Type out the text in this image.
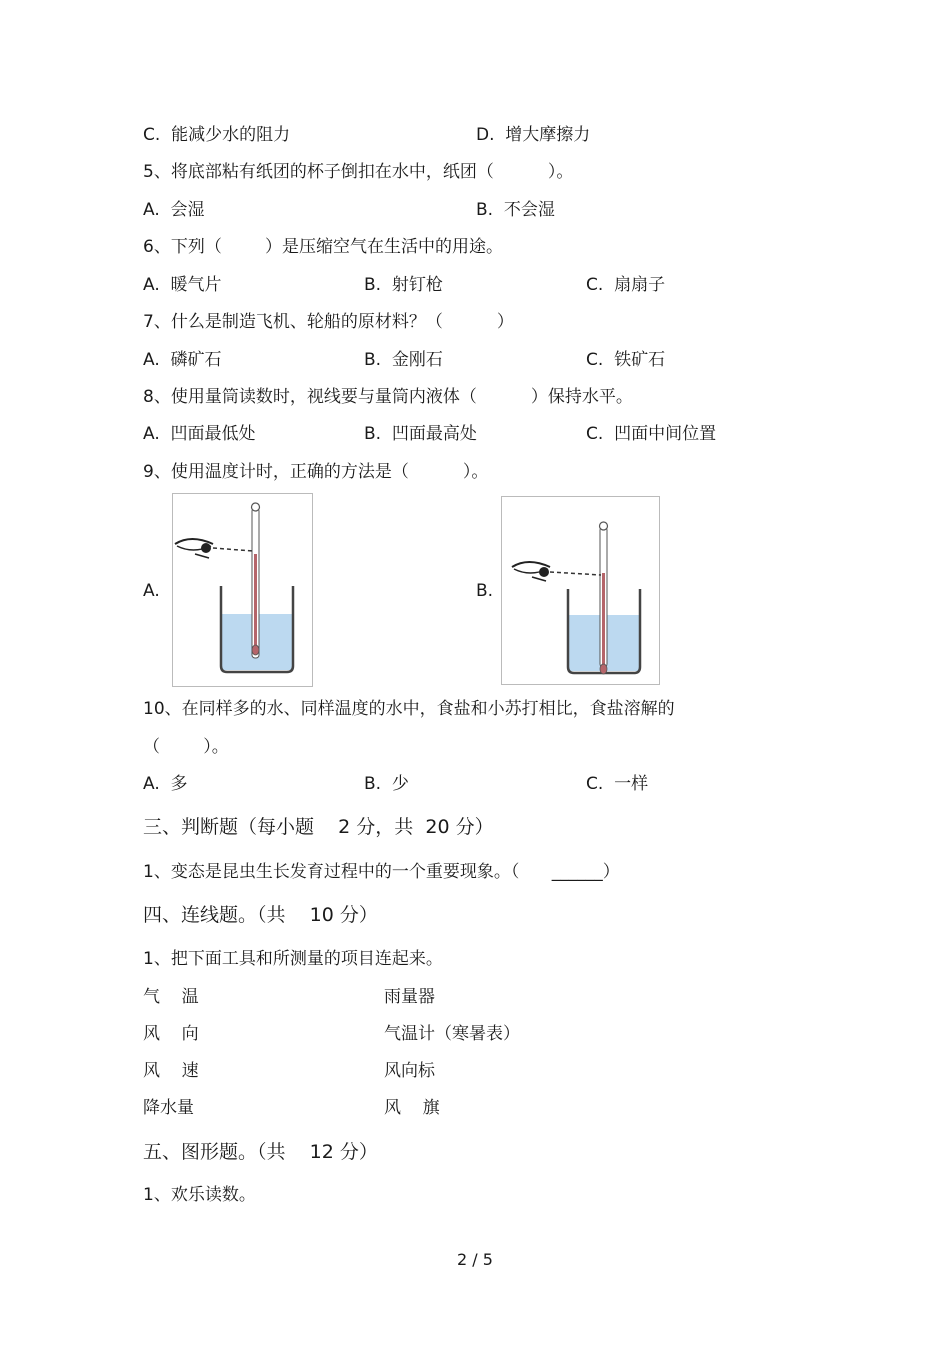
C.  能减少水的阻力	D.  增大摩擦力
5、将底部粘有纸团的杯子倒扣在水中，纸团（          ）。
A.  会湿	B.  不会湿
6、下列（        ）是压缩空气在生活中的用途。
A.  暖气片	B.  射钉枪	C.  扇扇子
7、什么是制造飞机、轮船的原材料？（          ）
A.  磷矿石	B.  金刚石	C.  铁矿石
8、使用量筒读数时，视线要与量筒内液体（          ）保持水平。
A.  凹面最低处	B.  凹面最高处	C.  凹面中间位置
9、使用温度计时，正确的方法是（          ）。
A.	B.
10、在同样多的水、同样温度的水中，食盐和小苏打相比，食盐溶解的
（        ）。
A.  多	B.  少	C.  一样
三、判断题（每小题    2 分，共  20 分）
1、变态是昆虫生长发育过程中的一个重要现象。（      ______）
四、连线题。（共    10 分）
1、把下面工具和所测量的项目连起来。
气    温	雨量器
风    向	气温计（寒暑表）
风    速	风向标
降水量	风    旗
五、图形题。（共    12 分）
1、欢乐读数。
2 / 5
